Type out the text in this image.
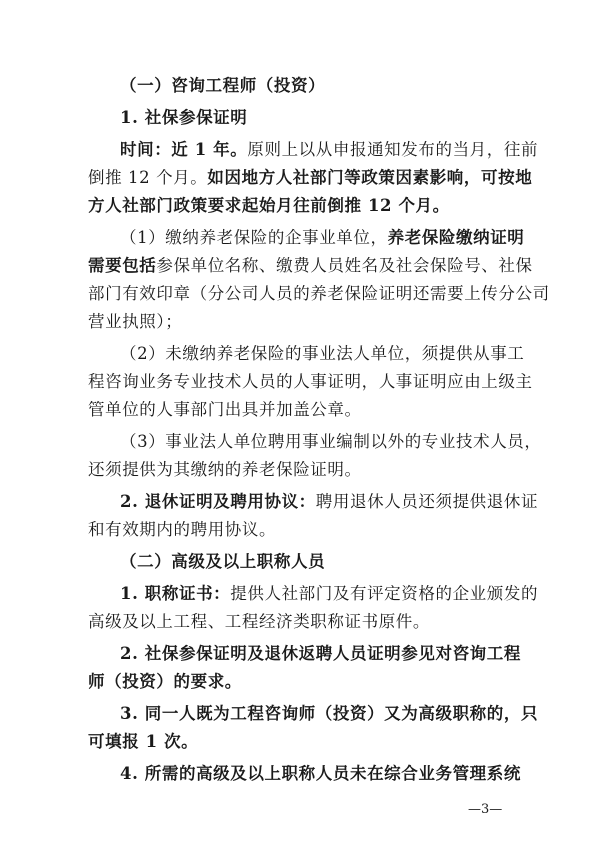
（一）咨询工程师（投资）
1. 社保参保证明
时间：近 1 年。原则上以从申报通知发布的当月，往前
倒推 12 个月。如因地方人社部门等政策因素影响，可按地
方人社部门政策要求起始月往前倒推 12 个月。
（1）缴纳养老保险的企事业单位，养老保险缴纳证明
需要包括参保单位名称、缴费人员姓名及社会保险号、社保
部门有效印章（分公司人员的养老保险证明还需要上传分公司
营业执照）；
（2）未缴纳养老保险的事业法人单位，须提供从事工
程咨询业务专业技术人员的人事证明，人事证明应由上级主
管单位的人事部门出具并加盖公章。
（3）事业法人单位聘用事业编制以外的专业技术人员，
还须提供为其缴纳的养老保险证明。
2. 退休证明及聘用协议：聘用退休人员还须提供退休证
和有效期内的聘用协议。
（二）高级及以上职称人员
1. 职称证书：提供人社部门及有评定资格的企业颁发的
高级及以上工程、工程经济类职称证书原件。
2. 社保参保证明及退休返聘人员证明参见对咨询工程
师（投资）的要求。
3. 同一人既为工程咨询师（投资）又为高级职称的，只
可填报 1 次。
4. 所需的高级及以上职称人员未在综合业务管理系统
—3—
